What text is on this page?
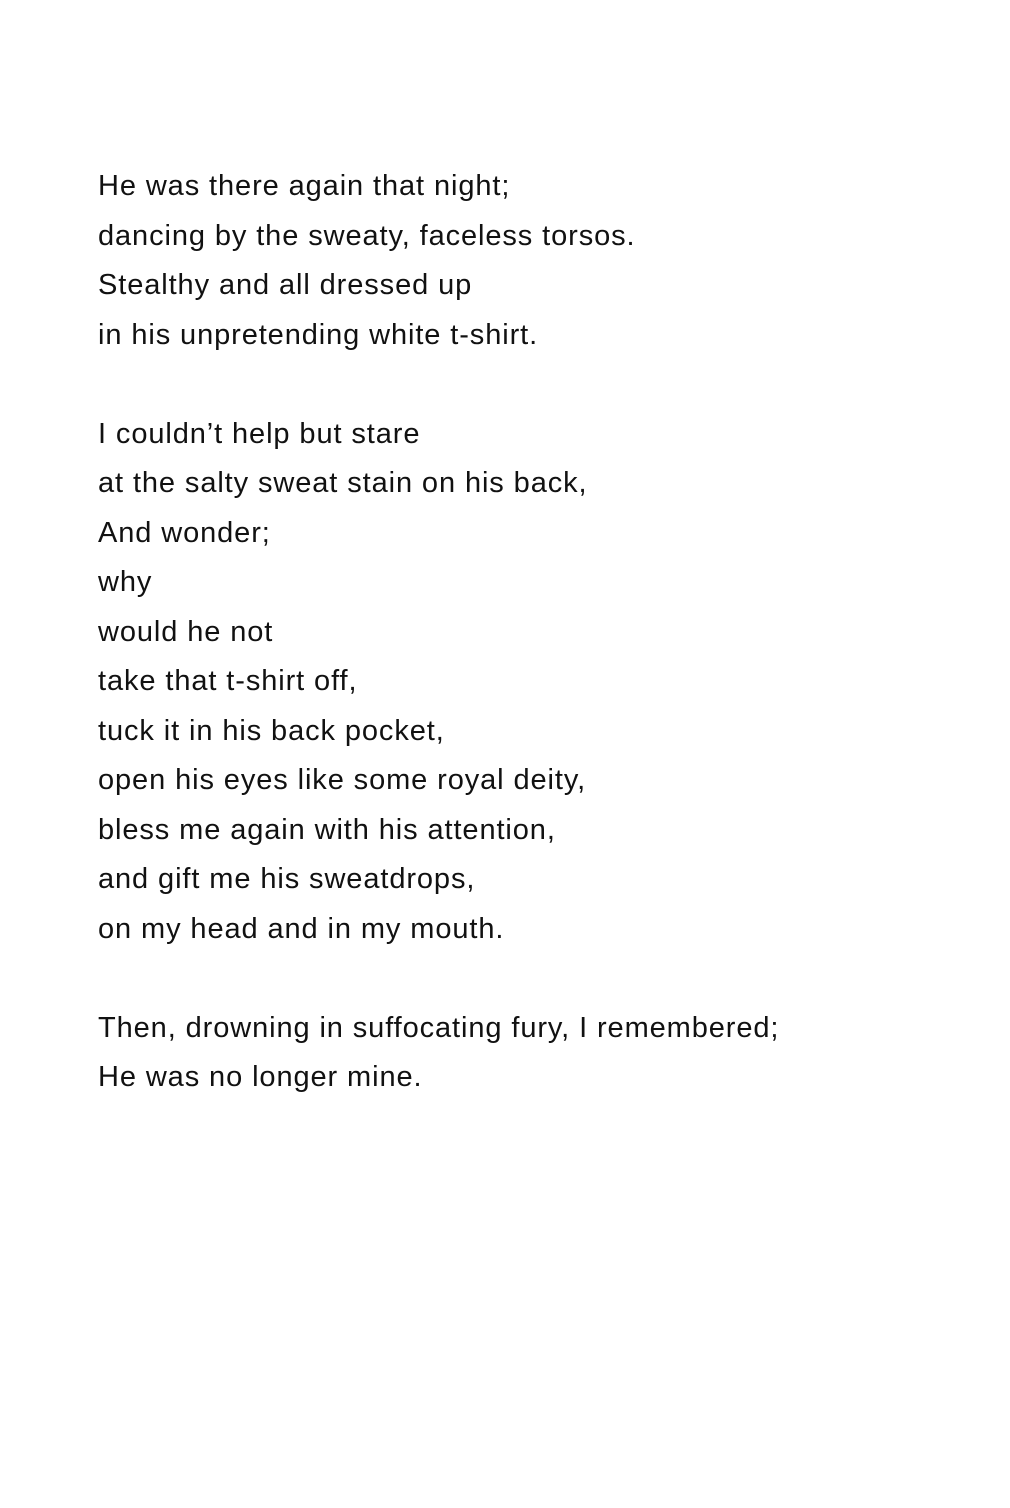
He was there again that night;
dancing by the sweaty, faceless torsos.
Stealthy and all dressed up
in his unpretending white t-shirt.
I couldn’t help but stare
at the salty sweat stain on his back,
And wonder;
why
would he not
take that t-shirt off,
tuck it in his back pocket,
open his eyes like some royal deity,
bless me again with his attention,
and gift me his sweatdrops,
on my head and in my mouth.
Then, drowning in suffocating fury, I remembered;
He was no longer mine.
